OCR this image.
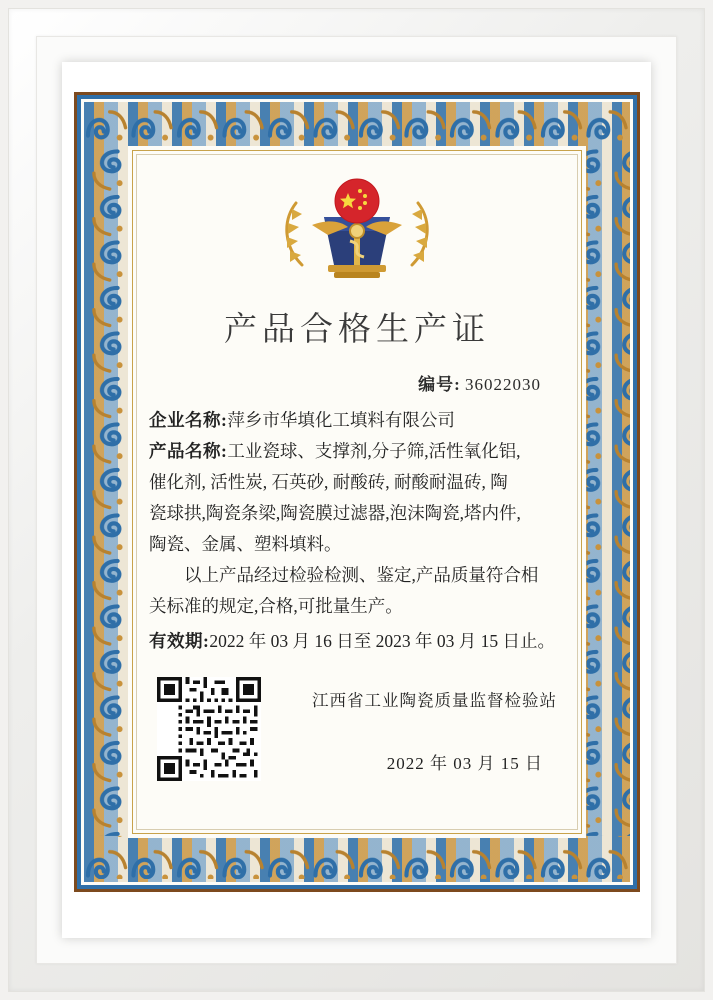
产品合格生产证
编号: 36022030
企业名称:萍乡市华填化工填料有限公司
产品名称:工业瓷球、支撑剂,分子筛,活性氧化铝,
催化剂, 活性炭, 石英砂, 耐酸砖, 耐酸耐温砖, 陶
瓷球拱,陶瓷条梁,陶瓷膜过滤器,泡沫陶瓷,塔内件,
陶瓷、金属、塑料填料。
以上产品经过检验检测、鉴定,产品质量符合相
关标准的规定,合格,可批量生产。
有效期:2022 年 03 月 16 日至 2023 年 03 月 15 日止。
江西省工业陶瓷质量监督检验站
2022 年 03 月 15 日
